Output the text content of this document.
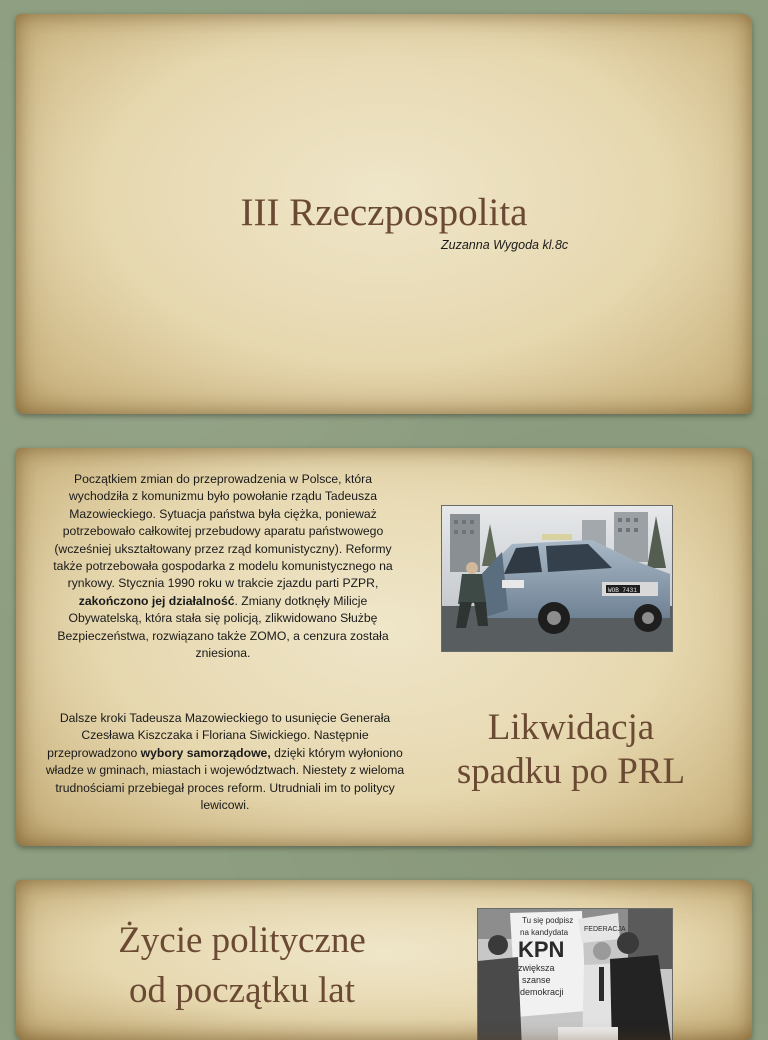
III Rzeczpospolita
Zuzanna Wygoda kl.8c
Początkiem zmian do przeprowadzenia w Polsce, która wychodziła z komunizmu było powołanie rządu Tadeusza Mazowieckiego. Sytuacja państwa była ciężka, ponieważ potrzebowało całkowitej przebudowy aparatu państwowego (wcześniej ukształtowany przez rząd komunistyczny). Reformy także potrzebowała gospodarka z modelu komunistycznego na rynkowy. Stycznia 1990 roku w trakcie zjazdu parti PZPR,
zakończono jej działalność. Zmiany dotknęły Milicje Obywatelską, która stała się policją, zlikwidowano Służbę Bezpieczeństwa, rozwiązano także ZOMO, a cenzura została zniesiona.
WOB 7431
Dalsze kroki Tadeusza Mazowieckiego to usunięcie Generała Czesława Kiszczaka i Floriana Siwickiego. Następnie przeprowadzono wybory samorządowe, dzięki którym wyłoniono władze w gminach, miastach i województwach. Niestety z wieloma trudnościami przebiegał proces reform. Utrudniali im to politycy lewicowi.
Likwidacja
spadku po PRL
Życie polityczne
od początku lat
Tu się podpisz
na kandydata
KPN
zwiększa
szanse
demokracji
FEDERACJA
